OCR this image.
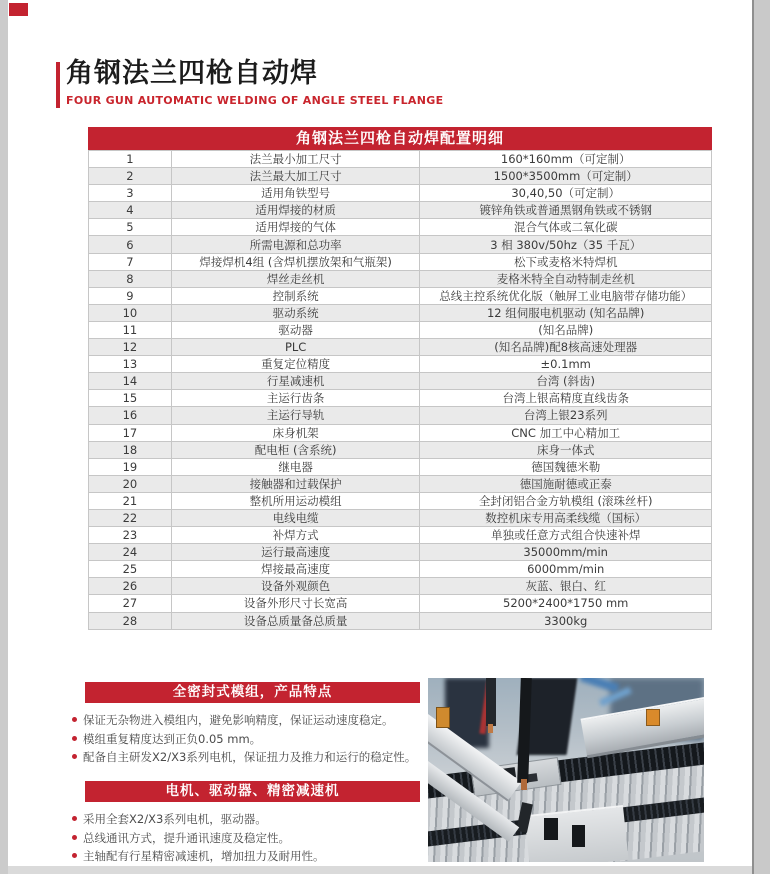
角钢法兰四枪自动焊
FOUR GUN AUTOMATIC WELDING OF ANGLE STEEL FLANGE
角钢法兰四枪自动焊配置明细
1	法兰最小加工尺寸	160*160mm（可定制）
2	法兰最大加工尺寸	1500*3500mm（可定制）
3	适用角铁型号	30,40,50（可定制）
4	适用焊接的材质	镀锌角铁或普通黑钢角铁或不锈钢
5	适用焊接的气体	混合气体或二氧化碳
6	所需电源和总功率	3 相 380v/50hz（35 千瓦）
7	焊接焊机4组 (含焊机摆放架和气瓶架)	松下或麦格米特焊机
8	焊丝走丝机	麦格米特全自动特制走丝机
9	控制系统	总线主控系统优化版（触屏工业电脑带存储功能）
10	驱动系统	12 组伺服电机驱动 (知名品牌)
11	驱动器	(知名品牌)
12	PLC	(知名品牌)配8核高速处理器
13	重复定位精度	±0.1mm
14	行星减速机	台湾 (斜齿)
15	主运行齿条	台湾上银高精度直线齿条
16	主运行导轨	台湾上银23系列
17	床身机架	CNC 加工中心精加工
18	配电柜 (含系统)	床身一体式
19	继电器	德国魏德米勒
20	接触器和过载保护	德国施耐德或正泰
21	整机所用运动模组	全封闭铝合金方轨模组 (滚珠丝杆)
22	电线电缆	数控机床专用高柔线缆（国标）
23	补焊方式	单独或任意方式组合快速补焊
24	运行最高速度	35000mm/min
25	焊接最高速度	6000mm/min
26	设备外观颜色	灰蓝、银白、红
27	设备外形尺寸长宽高	5200*2400*1750 mm
28	设备总质量备总质量	3300kg
全密封式模组，产品特点
保证无杂物进入模组内，避免影响精度，保证运动速度稳定。
模组重复精度达到正负0.05 mm。
配备自主研发X2/X3系列电机，保证扭力及推力和运行的稳定性。
电机、驱动器、精密减速机
采用全套X2/X3系列电机，驱动器。
总线通讯方式，提升通讯速度及稳定性。
主轴配有行星精密减速机，增加扭力及耐用性。
